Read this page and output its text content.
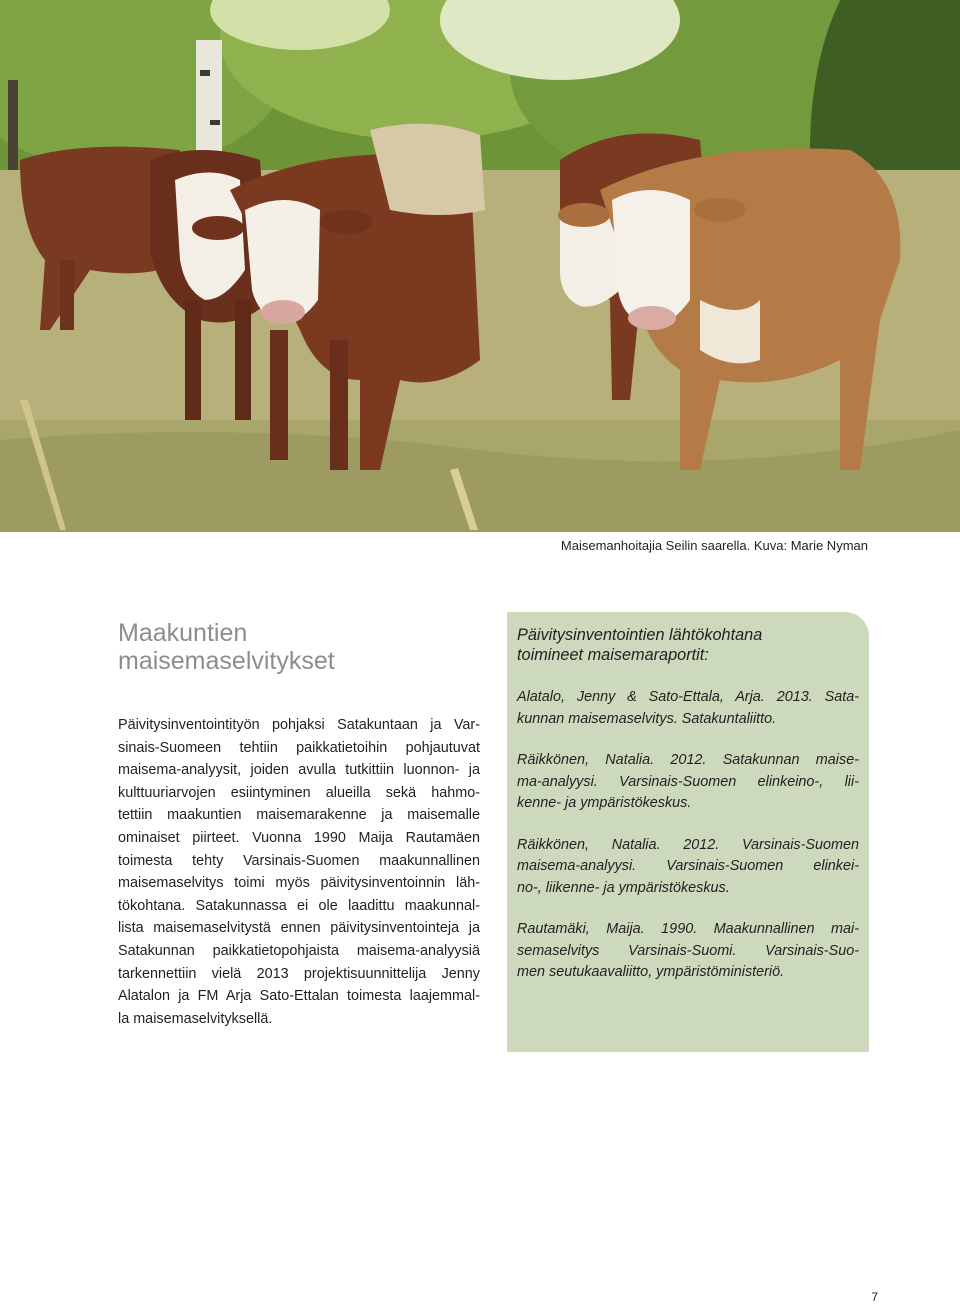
Maisemanhoitajia Seilin saarella. Kuva: Marie Nyman
Maakuntien
maisemaselvitykset
Päivitysinventointityön pohjaksi Satakuntaan ja Var-
sinais-Suomeen tehtiin paikkatietoihin pohjautuvat
maisema-analyysit, joiden avulla tutkittiin luonnon- ja
kulttuuriarvojen esiintyminen alueilla sekä hahmo-
tettiin maakuntien maisemarakenne ja maisemalle
ominaiset piirteet. Vuonna 1990 Maija Rautamäen
toimesta tehty Varsinais-Suomen maakunnallinen
maisemaselvitys toimi myös päivitysinventoinnin läh-
tökohtana. Satakunnassa ei ole laadittu maakunnal-
lista maisemaselvitystä ennen päivitysinventointeja ja
Satakunnan paikkatietopohjaista maisema-analyysiä
tarkennettiin vielä 2013 projektisuunnittelija Jenny
Alatalon ja FM Arja Sato-Ettalan toimesta laajemmal-
la maisemaselvityksellä.
Päivitysinventointien lähtökohtana
toimineet maisemaraportit:
Alatalo, Jenny & Sato-Ettala, Arja. 2013. Sata-
kunnan maisemaselvitys. Satakuntaliitto.
Räikkönen, Natalia. 2012. Satakunnan maise-
ma-analyysi. Varsinais-Suomen elinkeino-, lii-
kenne- ja ympäristökeskus.
Räikkönen, Natalia. 2012. Varsinais-Suomen
maisema-analyysi. Varsinais-Suomen elinkei-
no-, liikenne- ja ympäristökeskus.
Rautamäki, Maija. 1990. Maakunnallinen mai-
semaselvitys Varsinais-Suomi. Varsinais-Suo-
men seutukaavaliitto, ympäristöministeriö.
7
